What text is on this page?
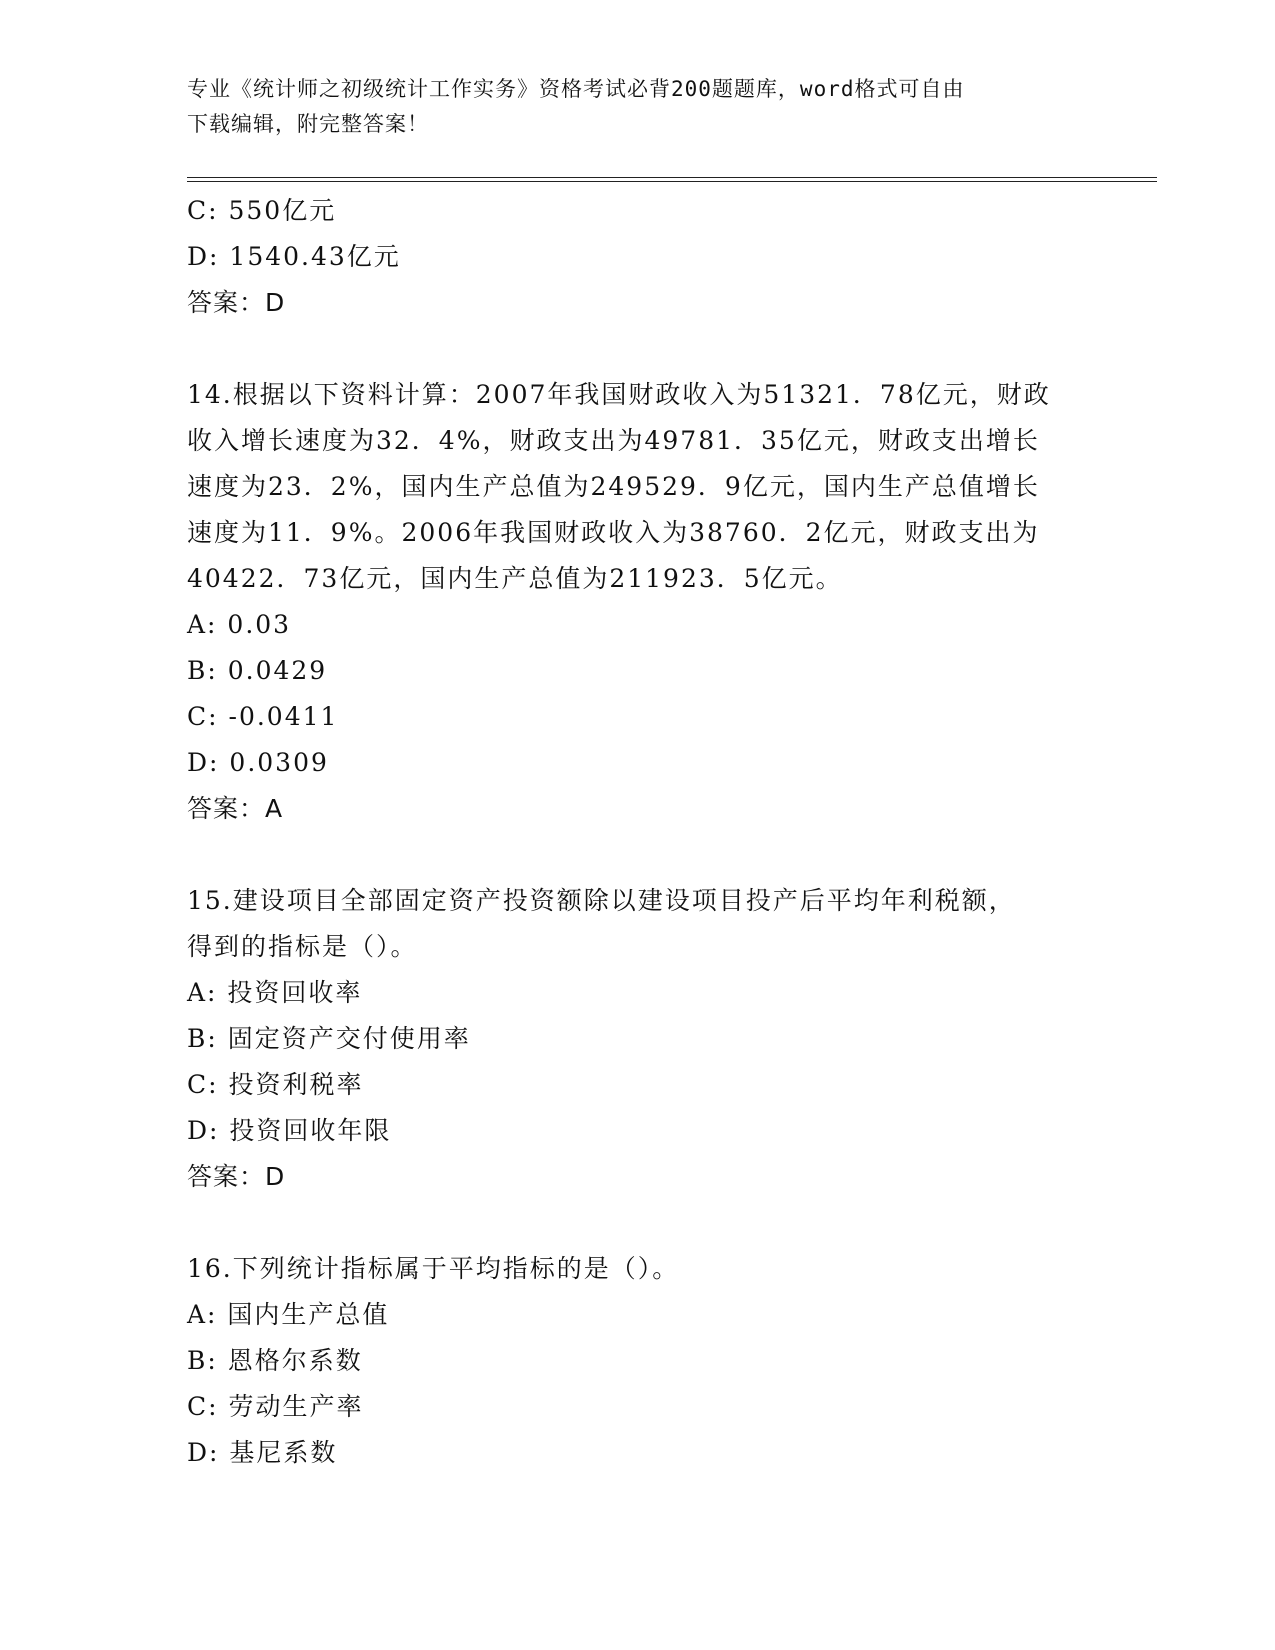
专业《统计师之初级统计工作实务》资格考试必背200题题库，word格式可自由
下载编辑，附完整答案！
C: 550亿元
D: 1540.43亿元
答案：D
14.根据以下资料计算：2007年我国财政收入为51321．78亿元，财政
收入增长速度为32．4%，财政支出为49781．35亿元，财政支出增长
速度为23．2%，国内生产总值为249529．9亿元，国内生产总值增长
速度为11．9%。2006年我国财政收入为38760．2亿元，财政支出为
40422．73亿元，国内生产总值为211923．5亿元。
A: 0.03
B: 0.0429
C: -0.0411
D: 0.0309
答案：A
15.建设项目全部固定资产投资额除以建设项目投产后平均年利税额，
得到的指标是（）。
A: 投资回收率
B: 固定资产交付使用率
C: 投资利税率
D: 投资回收年限
答案：D
16.下列统计指标属于平均指标的是（）。
A: 国内生产总值
B: 恩格尔系数
C: 劳动生产率
D: 基尼系数
